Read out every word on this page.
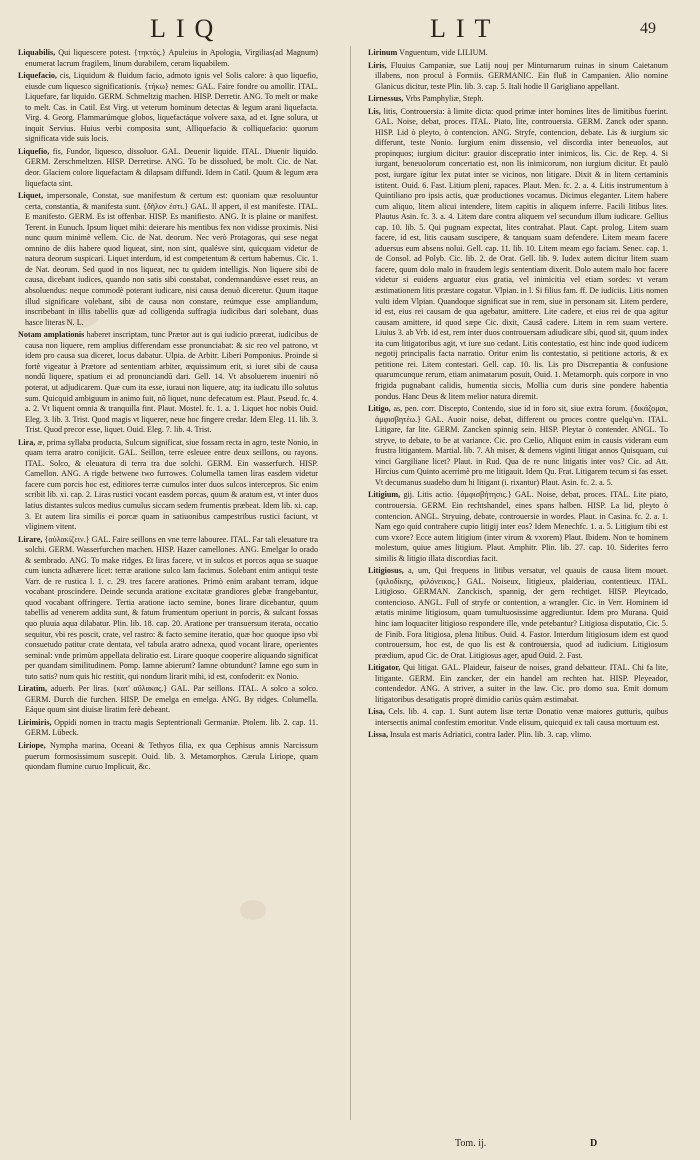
LIQ	LIT	49

Liquabilis, Qui liquescere potest. {τηκτός.} Apuleius in Apologia, Virgilias(ad Magnum) enumerat lacrum fragilem, linum durabilem, ceram liquabilem.

Liquefacio, cis, Liquidum & fluidum facio, admoto ignis vel Solis calore: à quo liquefio, eiusde cum liquesco significationis. {τήκω} nemes: GAL. Faire fondre ou amollir. ITAL. Liquefare, far liquido. GERM. Schmeltzig machen. HISP. Derretir. ANG. To melt or make to melt. Cas. in Catil. Est Virg. ut veterum hominum detectas & legum arani liquefacta. Virg. 4. Georg. Flammarúmque globos, liquefactáque volvere saxa, ad et. Igne solura, ut inquit Servius. Huius verbi composita sunt, Alliquefacio & colliquefacio: quorum significata vide suis locis.

Liquefio, fis, Fundor, liquesco, dissoluor. GAL. Deuenir liquide. ITAL. Diuenir liquido. GERM. Zerschmeltzen. HISP. Derretirse. ANG. To be dissolued, be molt. Cic. de Nat. deor. Glaciem colore liquefactam & dilapsam diffundi. Idem in Catil. Quum & legum æra liquefacta sint.

Liquet, impersonale, Constat, sue manifestum & certum est: quoniam quæ resoluuntur certa, constantia, & manifesta sunt. {δῆλον ἐστι.} GAL. Il appert, il est manifeste. ITAL. E manifesto. GERM. Es ist offenbar. HISP. Es manifiesto. ANG. It is plaine or manifest. Terent. in Eunuch. Ipsum liquet mihi: deierare his mentibus fex non vidisse proximis. Nisi nunc quum minimè vellem. Cic. de Nat. deorum. Nec verò Protagoras, qui sese negat omnino de diis habere quod liqueat, sint, non sint, qualésve sint, quicquam videtur de natura deorum suspicari. Liquet interdum, id est competentum & certum habemus. Cic. 1. de Nat. deorum. Sed quod in nos liqueat, nec tu quidem intelligis. Non liquere sibi de causa, dicebant iudices, quando non satis sibi constabat, condemnandúsve esset reus, an absoluendus: neque commodè poterant iudicare, nisi causa denuò diceretur. Quum itaque illud significare volebant, sibi de causa non constare, reúmque esse ampliandum, inscribebant in illis tabellis quæ ad colligenda suffragia iudicibus dari solebant, duas hasce literas N. L.

Notam amplationis haberet inscriptam, tunc Prætor aut is qui iudicio præerat, iudicibus de causa non liquere, rem amplius differendam esse pronunciabat: & sic reo vel patrono, vt idem pro causa sua diceret, locus dabatur. Ulpia. de Arbitr. Liberi Pomponius. Proinde si fortè vigeatur à Prætore ad sententiam arbiter, æquissimum erit, si iuret sibi de causa nondū liquere, spatium ei ad pronunciandū dari. Gell. 14. Vt absoluerem inueniri nō poterat, ut adjudicarem. Quæ cum ita esse, iuraui non liquere, atq; ita iudicatu illo solutus sum. Quicquid ambiguum in animo fuit, nō liquet, nunc defecatum est. Plaut. Pseud. fc. 4. a. 2. Vt liquent omnia & tranquilla fint. Plaut. Mostel. fc. 1. a. 1. Liquet hoc nobis Ouid. Eleg. 3. lib. 3. Trist. Quod magis vt liquerer, neue hoc fingere credar. Idem Eleg. 11. lib. 3. Trist. Quod precor esse, liquet. Ouid. Eleg. 7. lib. 4. Trist.

Lira, æ, prima syllaba producta, Sulcum significat, siue fossam recta in agro, teste Nonio, in quam terra aratro conijicit. GAL. Seillon, terre esleuee entre deux seillons, ou rayons. ITAL. Solco, & eleuatura di terra tra due solchi. GERM. Ein wasserfurch. HISP. Camellon. ANG. A rigde betwene two furrowes. Columella tamen liras easdem videtur facere cum porcis hoc est, editiores terræ cumulos inter duos sulcos intercepros. Sic enim scribit lib. xi. cap. 2. Liras rustici vocant easdem porcas, quum & aratum est, vt inter duos latius distantes sulcos medius cumulus siccam sedem frumentis præbeat. Idem lib. xi. cap. 3. Et autem lira similis ei porcæ quam in satiuonibus campestribus rustici faciunt, vt vliginem vitent.

Lirare, {αὐλακίζειν.} GAL. Faire seillons en vne terre labouree. ITAL. Far tali eleuature tra solchi. GERM. Wasserfurchen machen. HISP. Hazer camellones. ANG. Emelgar lo orado & sembrado. ANG. To make ridges. Et liras facere, vt in sulcos et porcos aqua se suaque cum iuncta adhærere licet: terræ aratione sulco lam facimus. Solebant enim antiqui teste Varr. de re rustica l. 1. c. 29. tres facere arationes. Primò enim arabant terram, idque vocabant proscindere. Deinde secunda aratione excitatæ grandiores glebæ frangebantur, quod vocabant offringere. Tertia aratione iacto semine, bones lirare dicebantur, quum tabellis ad venerem addita sunt, & fatum frumentum operiunt in porcis, & sulcant fossas quo pluuia aqua dilabatur. Plin. lib. 18. cap. 20. Aratione per transuersum iterata, occatio sequitur, vbi res poscit, crate, vel rastro: & facto semine iteratio, quæ hoc quoque ipso vbi consuetudo patitur crate dentata, vel tabula aratro adnexa, quod vocant lirare, operientes seminal: vnde primùm appellata deliratio est. Lirare quoque cooperire aliquando significat per quandam similitudinem. Pomp. Iamne abierunt? Iamne obtundunt? Iamne ego sum in tuto satis? num quis hic restitit, qui nondum lirarit mihi, id est, confoderit: ex Nonio.

Liratim, aduerb. Per liras. {κατ' αὔλακας.} GAL. Par seillons. ITAL. A solco a solco. GERM. Durch die furchen. HISP. De emelga en emelga. ANG. By ridges. Columella. Eáque quum sint diuisæ liratim ferè debeant.

Lirimiris, Oppidi nomen in tractu magis Septentrionali Germaniæ. Ptolem. lib. 2. cap. 11. GERM. Lübeck.

Liriope, Nympha marina, Oceani & Tethyos filia, ex qua Cephisus amnis Narcissum puerum formosissimum suscepit. Ouid. lib. 3. Metamorphos. Cærula Liriope, quam quondam flumine curuo Implicuit, &c.

Lirinum Vnguentum, vide LILIUM.

Liris, Fluuius Campaniæ, sue Latij nouj per Minturnarum ruinas in sinum Caietanum illabens, non procul à Formiis. GERMANIC. Ein fluß in Campanien. Alio nomine Glanicus dicitur, teste Plin. lib. 3. cap. 5. Itali hodie Il Garigliano appellant.

Lirnessus, Vrbs Pamphyliæ, Steph.

Lis, litis, Controuersia: à limite dicta: quod primæ inter homines lites de limitibus fuerint. GAL. Noise, debat, proces. ITAL. Piato, lite, controuersia. GERM. Zanck oder spann. HISP. Lid ò pleyto, ò contencion. ANG. Stryfe, contencion, debate. Lis & iurgium sic differunt, teste Nonio. Iurgium enim dissensio, vel discordia inter beneuolos, aut propinquos; iurgium dicitur: grauior discepratio inter inimicos, lis. Cic. de Rep. 4. Si iurgant, beneuolorum concertatio est, non lis inimicorum, non iurgium dicitur. Et paulò post, iurgare igitur lex putat inter se vicinos, non litigare. Dixit & in litem certaminis istitent. Ouid. 6. Fast. Litium pleni, rapaces. Plaut. Men. fc. 2. a. 4. Litis instrumentum à Quintiliano pro ipsis actis, quæ productiones vocamus. Dicimus eleganter. Litem habere cum aliquo, litem alicui intendere, litem capitis in aliquem inferre. Facili litibus lites. Plautus Asin. fc. 3. a. 4. Litem dare contra aliquem vel secundum illum iudicare. Gellius cap. 10. lib. 5. Qui pugnam expectat, lites contrahat. Plaut. Capt. prolog. Litem suam facere, id est, litis causam suscipere, & tanquam suam defendere. Litem meam facere aduersus eum absens nolui. Gell. cap. 11. lib. 10. Litem meam ego faciam. Senec. cap. 1. de Consol. ad Polyb. Cic. lib. 2. de Orat. Gell. lib. 9. Iudex autem dicitur litem suam facere, quum dolo malo in fraudem legis sententiam dixerit. Dolo autem malo hoc facere videtur si euidens arguatur eius gratia, vel inimicitia vel etiam sordes: vt veram æstimationem litis præstare cogatur. Vlpian. in l. Si filius fam. ff. De iudiciis. Litis nomen vulti idem Vlpian. Quandoque significat sue in rem, siue in personam sit. Litem perdere, id est, eius rei causam de qua agebatur, amittere. Lite cadere, et eius rei de qua agitur causam amittere, id quod sæpe Cic. dixit, Causâ cadere. Litem in rem suam vertere. Liuius 3. ab Vrb. id est, rem inter duos controuersam adiudicare sibi, quod sit, quum index ita cum litigatoribus agit, vt iure suo cedant. Litis contestatio, est hinc inde quod iudicem negotij principalis facta narratio. Oritur enim lis contestatio, si petitione actoris, & ex petitione rei. Litem contestari. Gell. cap. 10. lis. Lis pro Discrepantia & confusione quarumcunque rerum, etiam animatarum posuit, Ouid. 1. Metamorph. quis corpore in vno frigida pugnabant calidis, humentia siccis, Mollia cum duris sine pondere habentia pondus. Hanc Deus & litem melior natura diremit.

Litigo, as, pen. corr. Discepto, Contendo, siue id in foro sit, siue extra forum. {δικάζομαι, ἀμφισβητέω.} GAL. Auoir noise, debat, different ou proces contre quelqu'vn. ITAL. Litigare, far lite. GERM. Zancken spinnig sein. HISP. Pleytar ò contender. ANGL. To stryve, to debate, to be at variance. Cic. pro Cælio, Aliquot enim in causis videram eum frustra litigantem. Martial. lib. 7. Ah miser, & demens viginti litigat annos Quisquam, cui vinci Gargiliane licet? Plaut. in Rud. Qua de re nunc litigatis inter vos? Cic. ad Att. Hircius cum Quinto acerrimè pro me litigauit. Idem Qu. Frat. Litigarem tecum si fas esset. Vt decumanus suadebo dum hi litigant (i. rixantur) Plaut. Asin. fc. 2. a. 5.

Litigium, gij. Litis actio. {ἀμφισβήτησις.} GAL. Noise, debat, proces. ITAL. Lite piato, controuersia. GERM. Ein rechtshandel, eines spans halben. HISP. La lid, pleyto ò contencion. ANGL. Stryuing, debate, controuersie in wordes. Plaut. in Casina. fc. 2. a. 1. Nam ego quid contrahere cupio litigij inter eos? Idem Menechfc. 1. a. 5. Litigium tibi est cum vxore? Ecce autem litigium (inter virum & vxorem) Plaut. Ibidem. Non te hominem molestum, quiue ames litigium. Plaut. Amphitr. Plin. lib. 27. cap. 10. Siderites ferro similis & litigio illata discordias facit.

Litigiosus, a, um, Qui frequens in litibus versatur, vel quauis de causa litem mouet. {φιλοδίκης, φιλόνεικος.} GAL. Noiseux, litigieux, plaideriau, contentieux. ITAL. Litigioso. GERMAN. Zanckisch, spannig, der gern rechtiget. HISP. Pleytcado, contencioso. ANGL. Full of stryfe or contention, a wrangler. Cic. in Verr. Hominem id ætatis minime litigiosum, quam tumultuosissime aggrediuntur. Idem pro Murana. Quid hinc iam loquaciter litigioso respondere ille, vnde petebantur? Litigiosa disputatio, Cic. 5. de Finib. Fora litigiosa, plena litibus. Ouid. 4. Fastor. Interdum litigiosum idem est quod controuersum, hoc est, de quo lis est & controuersia, quod ad iudicium. Litigiosum prædium, apud Cic. de Orat. Litigiosus ager, apud Ouid. 2. Fast.

Litigator, Qui litigat. GAL. Plaideur, faiseur de noises, grand debatteur. ITAL. Chi fa lite, litigante. GERM. Ein zancker, der ein handel am rechten hat. HISP. Pleyeador, contendedor. ANG. A striver, a suiter in the law. Cic. pro domo sua. Emit domum litigatoribus desatigatis proprè dimidio cariùs quàm æstimabat.

Lisa, Cels. lib. 4. cap. 1. Sunt autem lisæ tertæ Donatio venæ maiores gutturis, quibus intersectis animal confestim emoritur. Vnde elisum, quicquid ex tali causa mortuum est.

Lissa, Insula est maris Adriatici, contra Iader. Plin. lib. 3. cap. vlimo.

Tom. ij.	D
